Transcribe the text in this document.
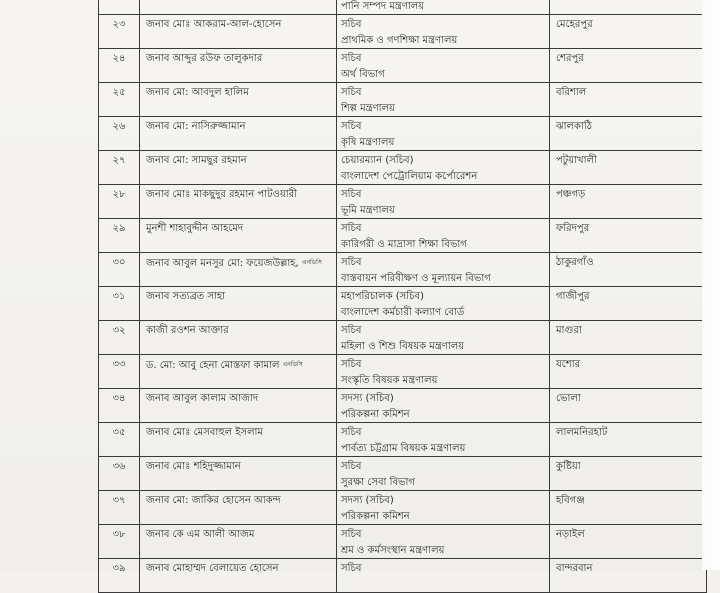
		পানি সম্পদ মন্ত্রণালয়	

২৩	জনাব মোঃ আকরাম-আল-হোসেন	সচিব
প্রাথমিক ও গণশিক্ষা মন্ত্রণালয়	মেহেরপুর

২৪	জনাব আব্দুর রউফ তালুকদার	সচিব
অর্থ বিভাগ	শেরপুর

২৫	জনাব মো: আবদুল হালিম	সচিব
শিল্প মন্ত্রণালয়	বরিশাল

২৬	জনাব মো: নাসিরুজ্জামান	সচিব
কৃষি মন্ত্রণালয়	ঝালকাঠি

২৭	জনাব মো: সামছুর রহমান	চেয়ারম্যান (সচিব)
বাংলাদেশ পেট্রোলিয়াম কর্পোরেশন	পটুয়াখালী

২৮	জনাব মোঃ মাকছুদুর রহমান পাটওয়ারী	সচিব
ভূমি মন্ত্রণালয়	পঞ্চগড়

২৯	মুনশী শাহাবুদ্দীন আহমেদ	সচিব
কারিগরী ও মাদ্রাসা শিক্ষা বিভাগ	ফরিদপুর

৩০	জনাব আবুল মনসুর মো: ফয়েজউল্লাহ, $^{এনডিসি}$	সচিব
বাস্তবায়ন পরিবীক্ষণ ও মূল্যায়ন বিভাগ	ঠাকুরগাঁও

৩১	জনাব সত্যব্রত সাহা	মহাপরিচালক (সচিব)
বাংলাদেশ কর্মচারী কল্যাণ বোর্ড	গাজীপুর

৩২	কাজী রওশন আক্তার	সচিব
মহিলা ও শিশু বিষয়ক মন্ত্রণালয়	মাগুরা

৩৩	ড. মো: আবু হেনা মোস্তফা কামাল $^{এনডিসি}$	সচিব
সংস্কৃতি বিষয়ক মন্ত্রণালয়	যশোর

৩৪	জনাব আবুল কালাম আজাদ	সদস্য (সচিব)
পরিকল্পনা কমিশন	ভোলা

৩৫	জনাব মোঃ মেসবাহুল ইসলাম	সচিব
পার্বত্য চট্টগ্রাম বিষয়ক মন্ত্রণালয়	লালমনিরহাট

৩৬	জনাব মোঃ শহিদুজ্জামান	সচিব
সুরক্ষা সেবা বিভাগ	কুষ্টিয়া

৩৭	জনাব মো: জাকির হোসেন আকন্দ	সদস্য (সচিব)
পরিকল্পনা কমিশন	হবিগঞ্জ

৩৮	জনাব কে এম আলী আজম	সচিব
শ্রম ও কর্মসংস্থান মন্ত্রণালয়	নড়াইল

৩৯	জনাব মোহাম্মদ বেলায়েত হোসেন	সচিব	বান্দরবান
